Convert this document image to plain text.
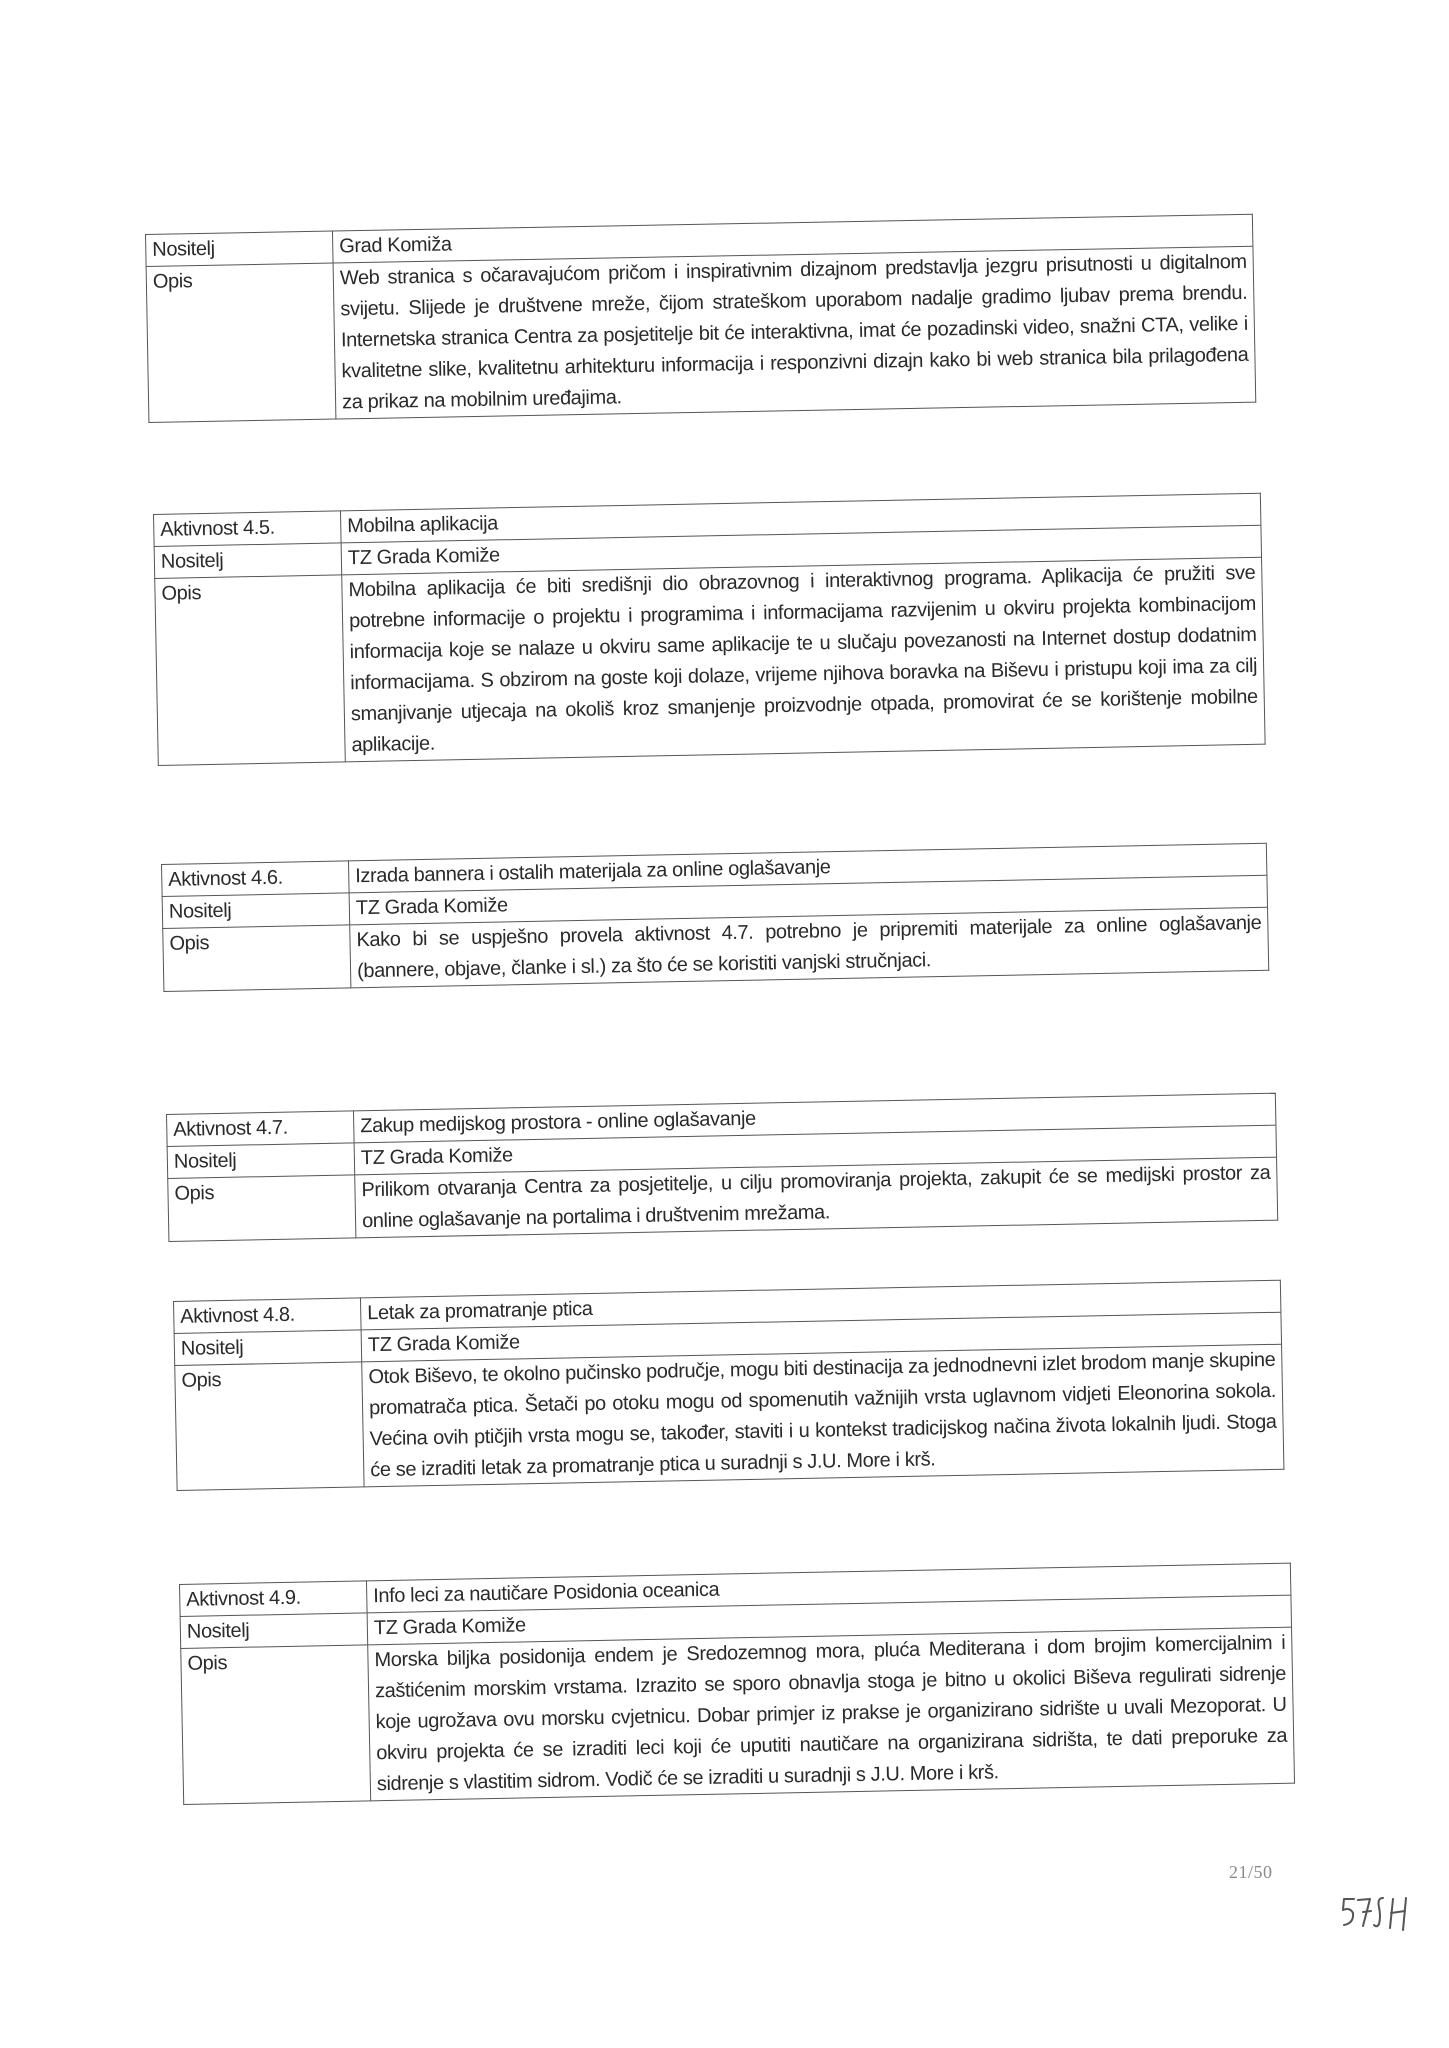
Nositelj	Grad Komiža
Opis	Web stranica s očaravajućom pričom i inspirativnim dizajnom predstavlja jezgru prisutnosti u digitalnom svijetu. Slijede je društvene mreže, čijom strateškom uporabom nadalje gradimo ljubav prema brendu. Internetska stranica Centra za posjetitelje bit će interaktivna, imat će pozadinski video, snažni CTA, velike i kvalitetne slike, kvalitetnu arhitekturu informacija i responzivni dizajn kako bi web stranica bila prilagođena za prikaz na mobilnim uređajima.
Aktivnost 4.5.	Mobilna aplikacija
Nositelj	TZ Grada Komiže
Opis	Mobilna aplikacija će biti središnji dio obrazovnog i interaktivnog programa. Aplikacija će pružiti sve potrebne informacije o projektu i programima i informacijama razvijenim u okviru projekta kombinacijom informacija koje se nalaze u okviru same aplikacije te u slučaju povezanosti na Internet dostup dodatnim informacijama. S obzirom na goste koji dolaze, vrijeme njihova boravka na Biševu i pristupu koji ima za cilj smanjivanje utjecaja na okoliš kroz smanjenje proizvodnje otpada, promovirat će se korištenje mobilne aplikacije.
Aktivnost 4.6.	Izrada bannera i ostalih materijala za online oglašavanje
Nositelj	TZ Grada Komiže
Opis	Kako bi se uspješno provela aktivnost 4.7. potrebno je pripremiti materijale za online oglašavanje (bannere, objave, članke i sl.) za što će se koristiti vanjski stručnjaci.
Aktivnost 4.7.	Zakup medijskog prostora - online oglašavanje
Nositelj	TZ Grada Komiže
Opis	Prilikom otvaranja Centra za posjetitelje, u cilju promoviranja projekta, zakupit će se medijski prostor za online oglašavanje na portalima i društvenim mrežama.
Aktivnost 4.8.	Letak za promatranje ptica
Nositelj	TZ Grada Komiže
Opis	Otok Biševo, te okolno pučinsko područje, mogu biti destinacija za jednodnevni izlet brodom manje skupine promatrača ptica. Šetači po otoku mogu od spomenutih važnijih vrsta uglavnom vidjeti Eleonorina sokola. Većina ovih ptičjih vrsta mogu se, također, staviti i u kontekst tradicijskog načina života lokalnih ljudi. Stoga će se izraditi letak za promatranje ptica u suradnji s J.U. More i krš.
Aktivnost 4.9.	Info leci za nautičare Posidonia oceanica
Nositelj	TZ Grada Komiže
Opis	Morska biljka posidonija endem je Sredozemnog mora, pluća Mediterana i dom brojim komercijalnim i zaštićenim morskim vrstama. Izrazito se sporo obnavlja stoga je bitno u okolici Biševa regulirati sidrenje koje ugrožava ovu morsku cvjetnicu. Dobar primjer iz prakse je organizirano sidrište u uvali Mezoporat. U okviru projekta će se izraditi leci koji će uputiti nautičare na organizirana sidrišta, te dati preporuke za sidrenje s vlastitim sidrom. Vodič će se izraditi u suradnji s J.U. More i krš.
21/50
